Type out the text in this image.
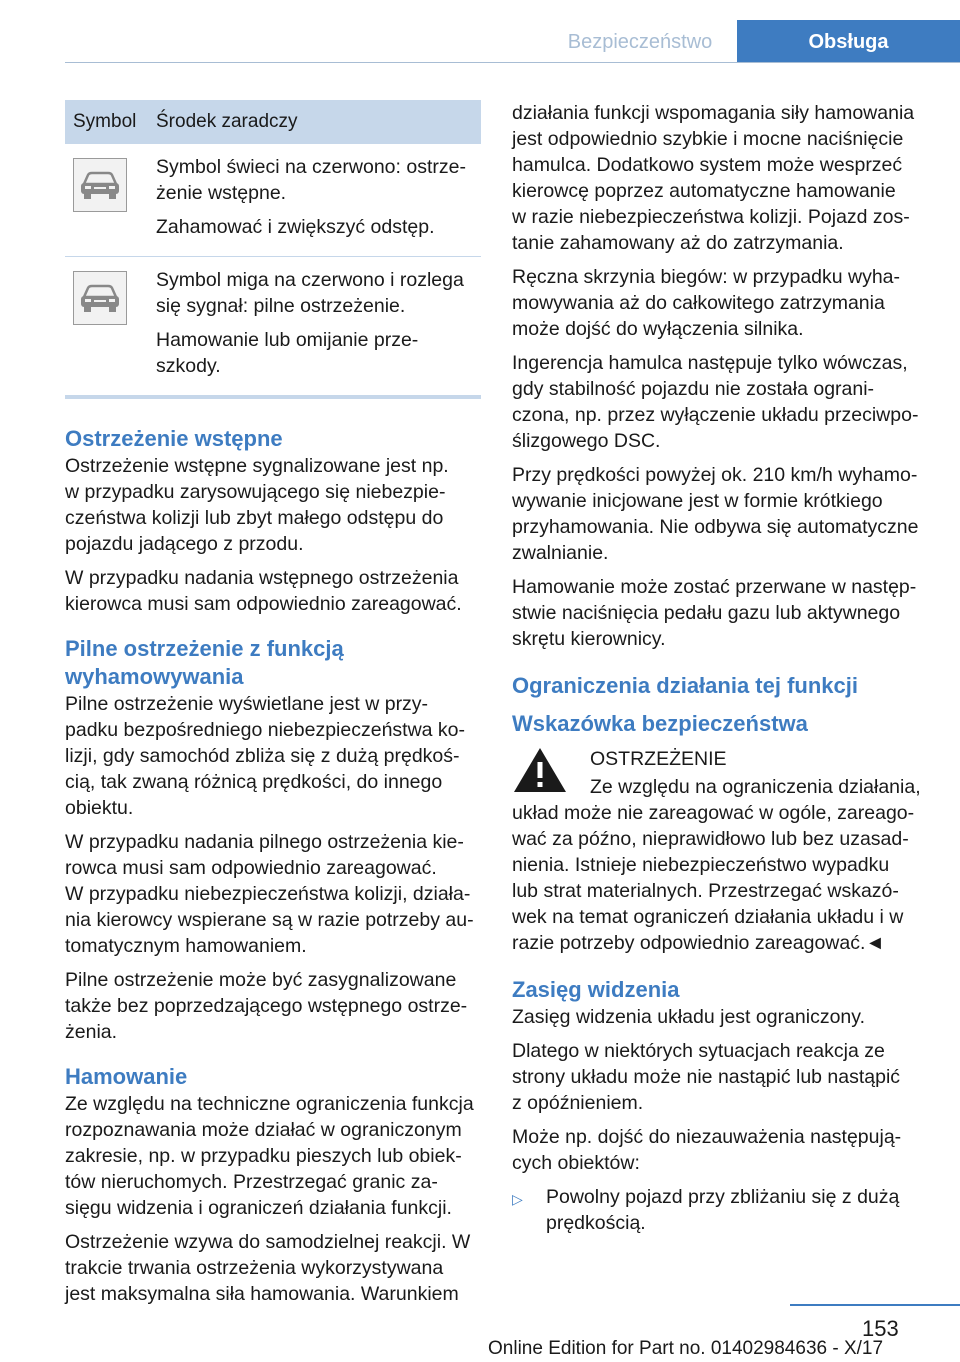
Bezpieczeństwo	Obsługa
Symbol	Środek zaradczy

Symbol świeci na czerwono: ostrze-
żenie wstępne.

Zahamować i zwiększyć odstęp.

Symbol miga na czerwono i rozlega
się sygnał: pilne ostrzeżenie.

Hamowanie lub omijanie prze-
szkody.

Ostrzeżenie wstępne

Ostrzeżenie wstępne sygnalizowane jest np.
w przypadku zarysowującego się niebezpie-
czeństwa kolizji lub zbyt małego odstępu do
pojazdu jadącego z przodu.

W przypadku nadania wstępnego ostrzeżenia
kierowca musi sam odpowiednio zareagować.

Pilne ostrzeżenie z funkcją
wyhamowywania

Pilne ostrzeżenie wyświetlane jest w przy-
padku bezpośredniego niebezpieczeństwa ko-
lizji, gdy samochód zbliża się z dużą prędkoś-
cią, tak zwaną różnicą prędkości, do innego
obiektu.

W przypadku nadania pilnego ostrzeżenia kie-
rowca musi sam odpowiednio zareagować.
W przypadku niebezpieczeństwa kolizji, działa-
nia kierowcy wspierane są w razie potrzeby au-
tomatycznym hamowaniem.

Pilne ostrzeżenie może być zasygnalizowane
także bez poprzedzającego wstępnego ostrze-
żenia.

Hamowanie

Ze względu na techniczne ograniczenia funkcja
rozpoznawania może działać w ograniczonym
zakresie, np. w przypadku pieszych lub obiek-
tów nieruchomych. Przestrzegać granic za-
sięgu widzenia i ograniczeń działania funkcji.

Ostrzeżenie wzywa do samodzielnej reakcji. W
trakcie trwania ostrzeżenia wykorzystywana
jest maksymalna siła hamowania. Warunkiem

działania funkcji wspomagania siły hamowania
jest odpowiednio szybkie i mocne naciśnięcie
hamulca. Dodatkowo system może wesprzeć
kierowcę poprzez automatyczne hamowanie
w razie niebezpieczeństwa kolizji. Pojazd zos-
tanie zahamowany aż do zatrzymania.

Ręczna skrzynia biegów: w przypadku wyha-
mowywania aż do całkowitego zatrzymania
może dojść do wyłączenia silnika.

Ingerencja hamulca następuje tylko wówczas,
gdy stabilność pojazdu nie została ograni-
czona, np. przez wyłączenie układu przeciwpo-
ślizgowego DSC.

Przy prędkości powyżej ok. 210 km/h wyhamo-
wywanie inicjowane jest w formie krótkiego
przyhamowania. Nie odbywa się automatyczne
zwalnianie.

Hamowanie może zostać przerwane w następ-
stwie naciśnięcia pedału gazu lub aktywnego
skrętu kierownicy.

Ograniczenia działania tej funkcji
Wskazówka bezpieczeństwa

OSTRZEŻENIE

Ze względu na ograniczenia działania,

układ może nie zareagować w ogóle, zareago-
wać za późno, nieprawidłowo lub bez uzasad-
nienia. Istnieje niebezpieczeństwo wypadku
lub strat materialnych. Przestrzegać wskazó-
wek na temat ograniczeń działania układu i w
razie potrzeby odpowiednio zareagować.◄

Zasięg widzenia

Zasięg widzenia układu jest ograniczony.

Dlatego w niektórych sytuacjach reakcja ze
strony układu może nie nastąpić lub nastąpić
z opóźnieniem.

Może np. dojść do niezauważenia następują-
cych obiektów:

▷	Powolny pojazd przy zbliżaniu się z dużą
prędkością.

153
Online Edition for Part no. 01402984636 - X/17
